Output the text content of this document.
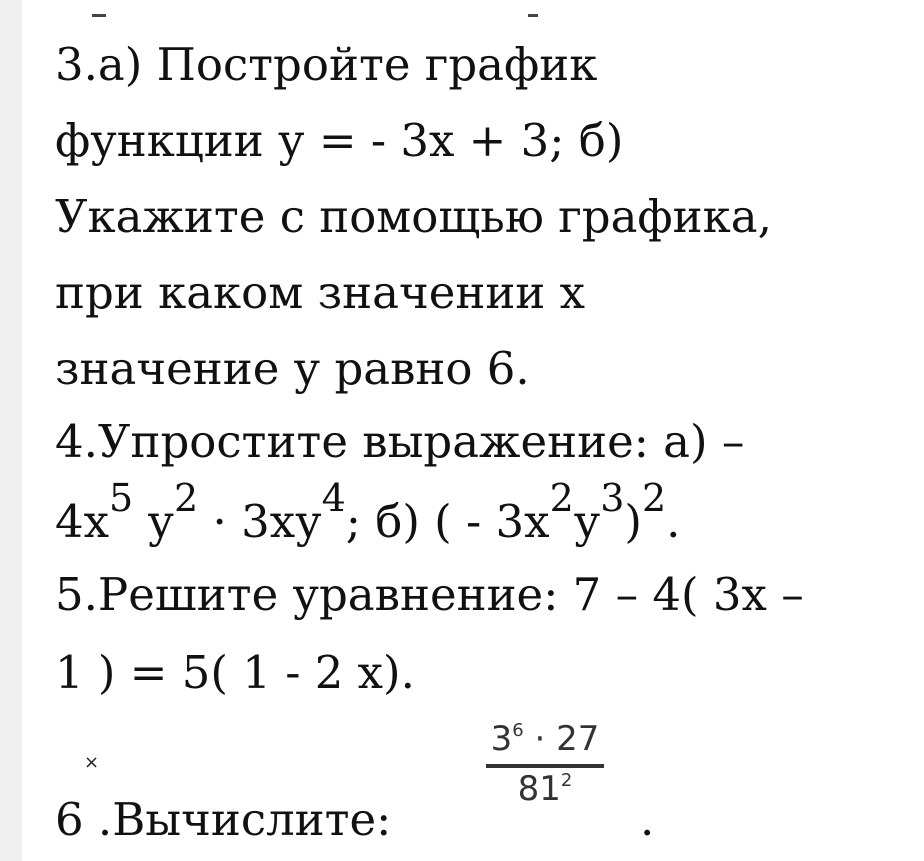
3.а) Постройте график
функции у = - 3х + 3; б)
Укажите с помощью графика,
при каком значении х
значение у равно 6.
4.Упростите выражение: а) –
$4х^5$ $у^2 \cdot 3ху^4$; б) ( - $3х^2у^3)^2$.
5.Решите уравнение: 7 – 4( 3х –
1 ) = 5( 1 - 2 х).
×
6 .Вычислите:
$3^6 \cdot 27$
$81^2$
.
